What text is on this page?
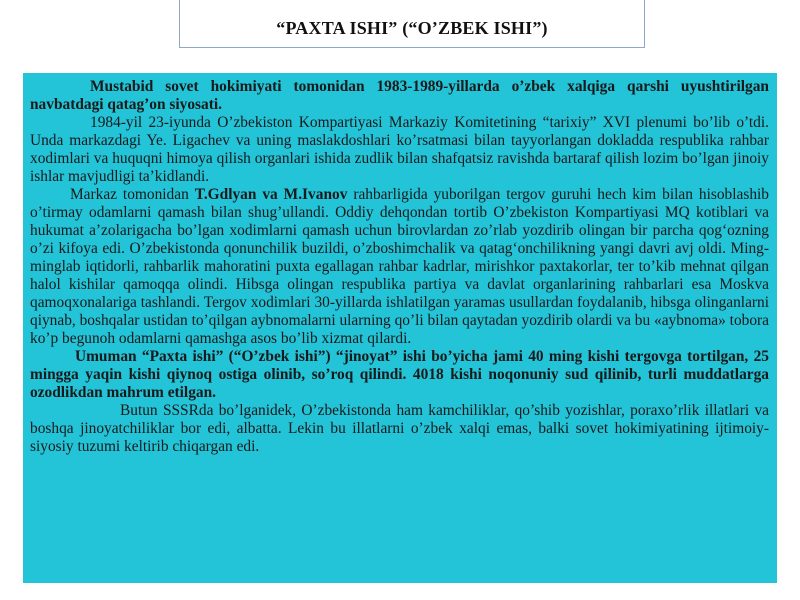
“PAXTA ISHI” (“O’ZBEK ISHI”)

Mustabid sovet hokimiyati tomonidan 1983-1989-yillarda o’zbek xalqiga qarshi uyushtirilgan navbatdagi qatag’on siyosati.

1984-yil 23-iyunda O’zbekiston Kompartiyasi Markaziy Komitetining “tarixiy” XVI plenumi bo’lib o’tdi. Unda markazdagi Ye. Ligachev va uning maslakdoshlari ko’rsatmasi bilan tayyorlangan dokladda respublika rahbar xodimlari va huquqni himoya qilish organlari ishida zudlik bilan shafqatsiz ravishda bartaraf qilish lozim bo’lgan jinoiy ishlar mavjudligi ta’kidlandi.

Markaz tomonidan T.Gdlyan va M.Ivanov rahbarligida yuborilgan tergov guruhi hech kim bilan hisoblashib o’tirmay odamlarni qamash bilan shug’ullandi. Oddiy dehqondan tortib O’zbekiston Kompartiyasi MQ kotiblari va hukumat a’zolarigacha bo’lgan xodimlarni qamash uchun birovlardan zo’rlab yozdirib olingan bir parcha qog‘ozning o’zi kifoya edi. O’zbekistonda qonunchilik buzildi, o’zboshimchalik va qatag‘onchilikning yangi davri avj oldi. Ming-minglab iqtidorli, rahbarlik mahoratini puxta egallagan rahbar kadrlar, mirishkor paxtakorlar, ter to’kib mehnat qilgan halol kishilar qamoqqa olindi. Hibsga olingan respublika partiya va davlat organlarining rahbarlari esa Moskva qamoqxonalariga tashlandi. Tergov xodimlari 30-yillarda ishlatilgan yaramas usullardan foydalanib, hibsga olinganlarni qiynab, boshqalar ustidan to’qilgan aybnomalarni ularning qo’li bilan qaytadan yozdirib olardi va bu «aybnoma» tobora ko’p begunoh odamlarni qamashga asos bo’lib xizmat qilardi.

Umuman “Paxta ishi” (“O’zbek ishi”) “jinoyat” ishi bo’yicha jami 40 ming kishi tergovga tortilgan, 25 mingga yaqin kishi qiynoq ostiga olinib, so’roq qilindi. 4018 kishi noqonuniy sud qilinib, turli muddatlarga ozodlikdan mahrum etilgan.

Butun SSSRda bo’lganidek, O’zbekistonda ham kamchiliklar, qo’shib yozishlar, poraxo’rlik illatlari va boshqa jinoyatchiliklar bor edi, albatta. Lekin bu illatlarni o’zbek xalqi emas, balki sovet hokimiyatining ijtimoiy-siyosiy tuzumi keltirib chiqargan edi.
